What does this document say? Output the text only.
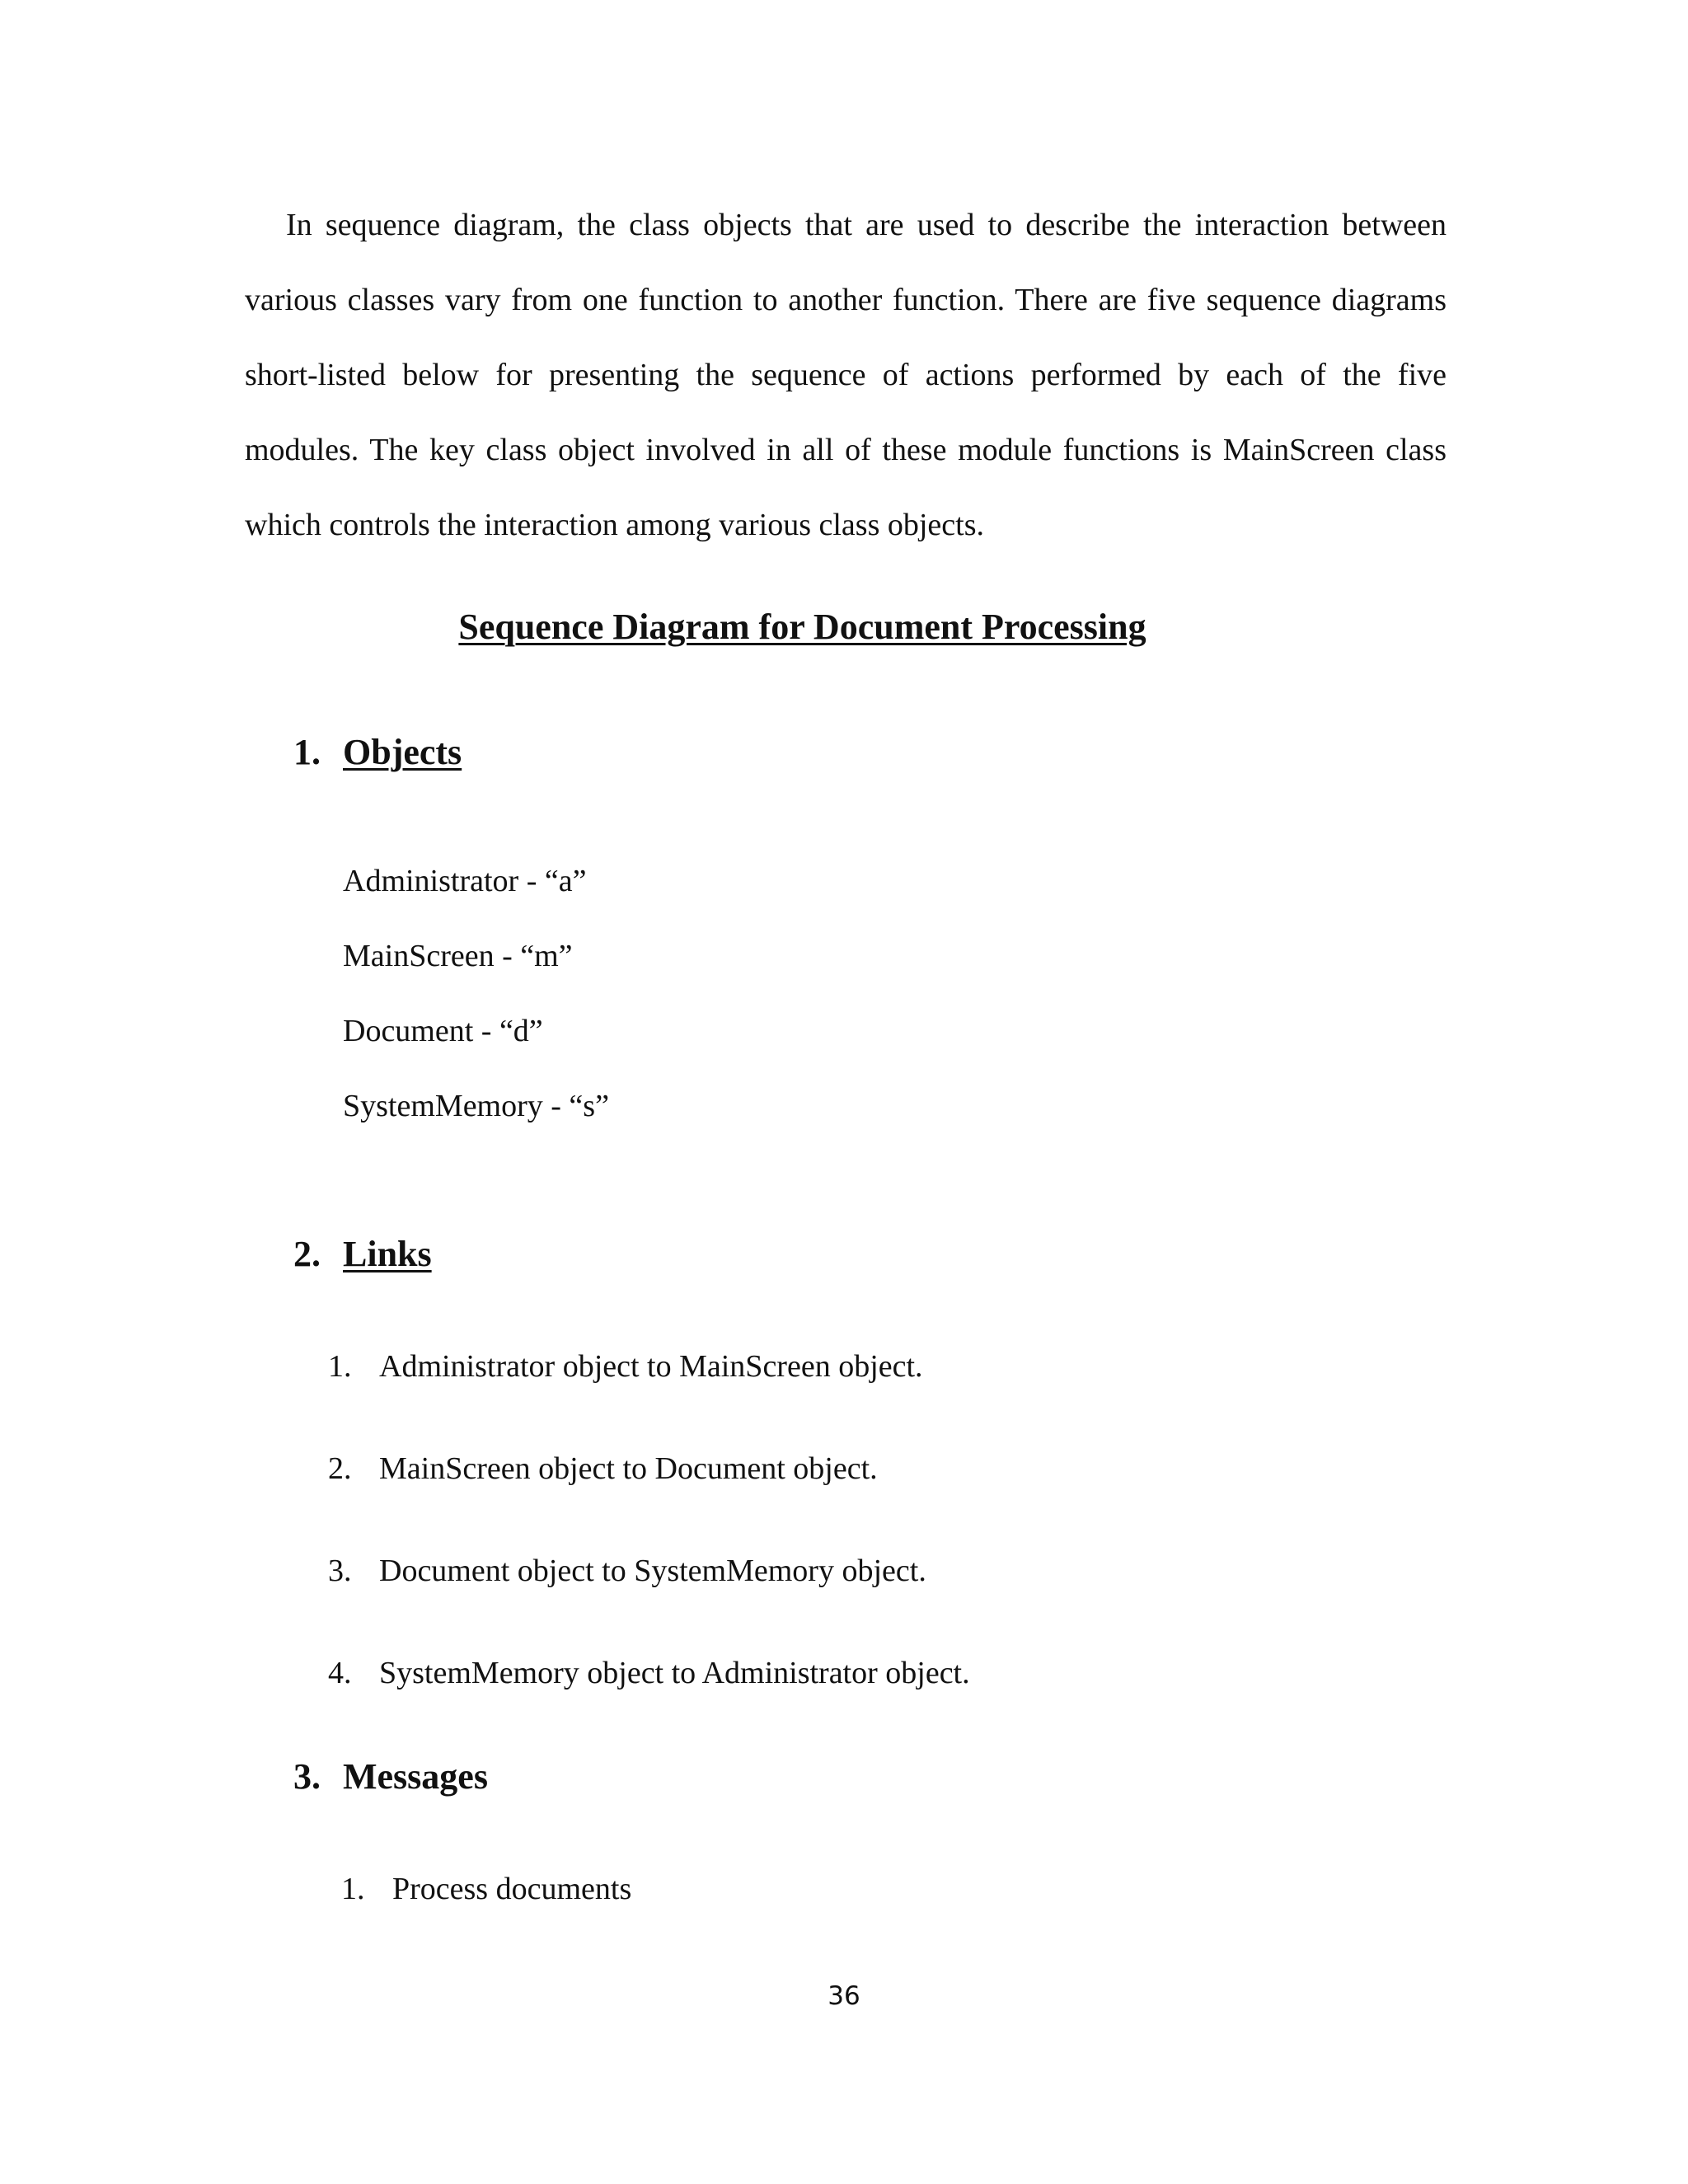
In sequence diagram, the class objects that are used to describe the interaction between various classes vary from one function to another function. There are five sequence diagrams short-listed below for presenting the sequence of actions performed by each of the five modules. The key class object involved in all of these module functions is MainScreen class which controls the interaction among various class objects.

Sequence Diagram for Document Processing
1. Objects
Administrator - “a”
MainScreen - “m”
Document - “d”
SystemMemory - “s”
2. Links
1. Administrator object to MainScreen object.
2. MainScreen object to Document object.
3. Document object to SystemMemory object.
4. SystemMemory object to Administrator object.
3. Messages
1. Process documents

36
